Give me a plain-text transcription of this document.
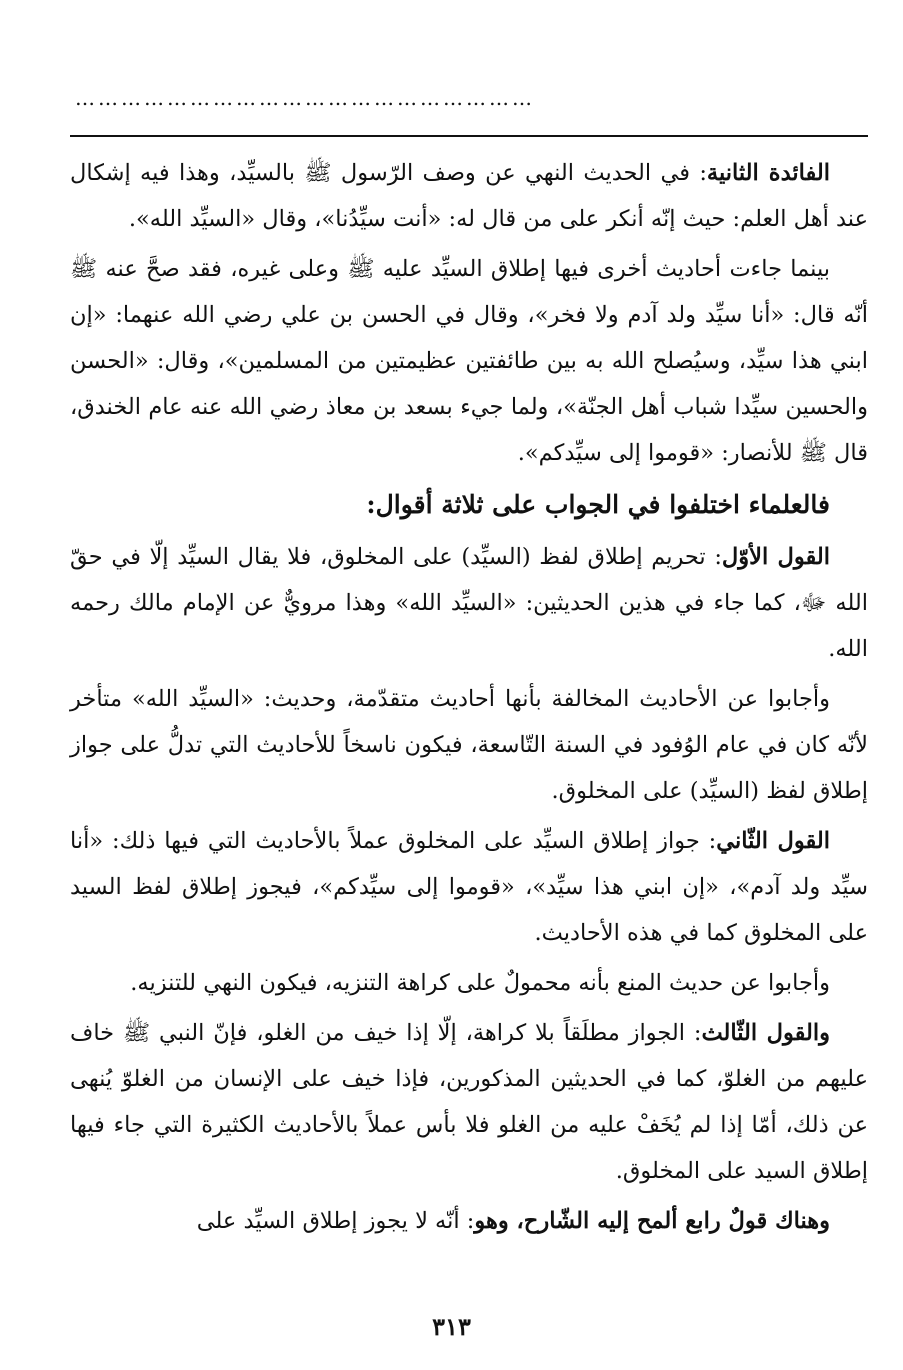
……………………………………………………

الفائدة الثانية: في الحديث النهي عن وصف الرّسول ﷺ بالسيِّد، وهذا فيه إشكال عند أهل العلم: حيث إنّه أنكر على من قال له: «أنت سيِّدُنا»، وقال «السيِّد الله».

بينما جاءت أحاديث أخرى فيها إطلاق السيِّد عليه ﷺ وعلى غيره، فقد صحَّ عنه ﷺ أنّه قال: «أنا سيِّد ولد آدم ولا فخر»، وقال في الحسن بن علي رضي الله عنهما: «إن ابني هذا سيِّد، وسيُصلح الله به بين طائفتين عظيمتين من المسلمين»، وقال: «الحسن والحسين سيِّدا شباب أهل الجنّة»، ولما جيء بسعد بن معاذ رضي الله عنه عام الخندق، قال ﷺ للأنصار: «قوموا إلى سيِّدكم».

فالعلماء اختلفوا في الجواب على ثلاثة أقوال:

القول الأوّل: تحريم إطلاق لفظ (السيِّد) على المخلوق، فلا يقال السيِّد إلّا في حقّ الله ﷻ، كما جاء في هذين الحديثين: «السيِّد الله» وهذا مرويٌّ عن الإمام مالك رحمه الله.

وأجابوا عن الأحاديث المخالفة بأنها أحاديث متقدّمة، وحديث: «السيِّد الله» متأخر لأنّه كان في عام الوُفود في السنة التّاسعة، فيكون ناسخاً للأحاديث التي تدلُّ على جواز إطلاق لفظ (السيِّد) على المخلوق.

القول الثّاني: جواز إطلاق السيِّد على المخلوق عملاً بالأحاديث التي فيها ذلك: «أنا سيِّد ولد آدم»، «إن ابني هذا سيِّد»، «قوموا إلى سيِّدكم»، فيجوز إطلاق لفظ السيد على المخلوق كما في هذه الأحاديث.

وأجابوا عن حديث المنع بأنه محمولٌ على كراهة التنزيه، فيكون النهي للتنزيه.

والقول الثّالث: الجواز مطلَقاً بلا كراهة، إلّا إذا خيف من الغلو، فإنّ النبي ﷺ خاف عليهم من الغلوّ، كما في الحديثين المذكورين، فإذا خيف على الإنسان من الغلوّ يُنهى عن ذلك، أمّا إذا لم يُخَفْ عليه من الغلو فلا بأس عملاً بالأحاديث الكثيرة التي جاء فيها إطلاق السيد على المخلوق.

وهناك قولٌ رابع ألمح إليه الشّارح، وهو: أنّه لا يجوز إطلاق السيِّد على

٣١٣
